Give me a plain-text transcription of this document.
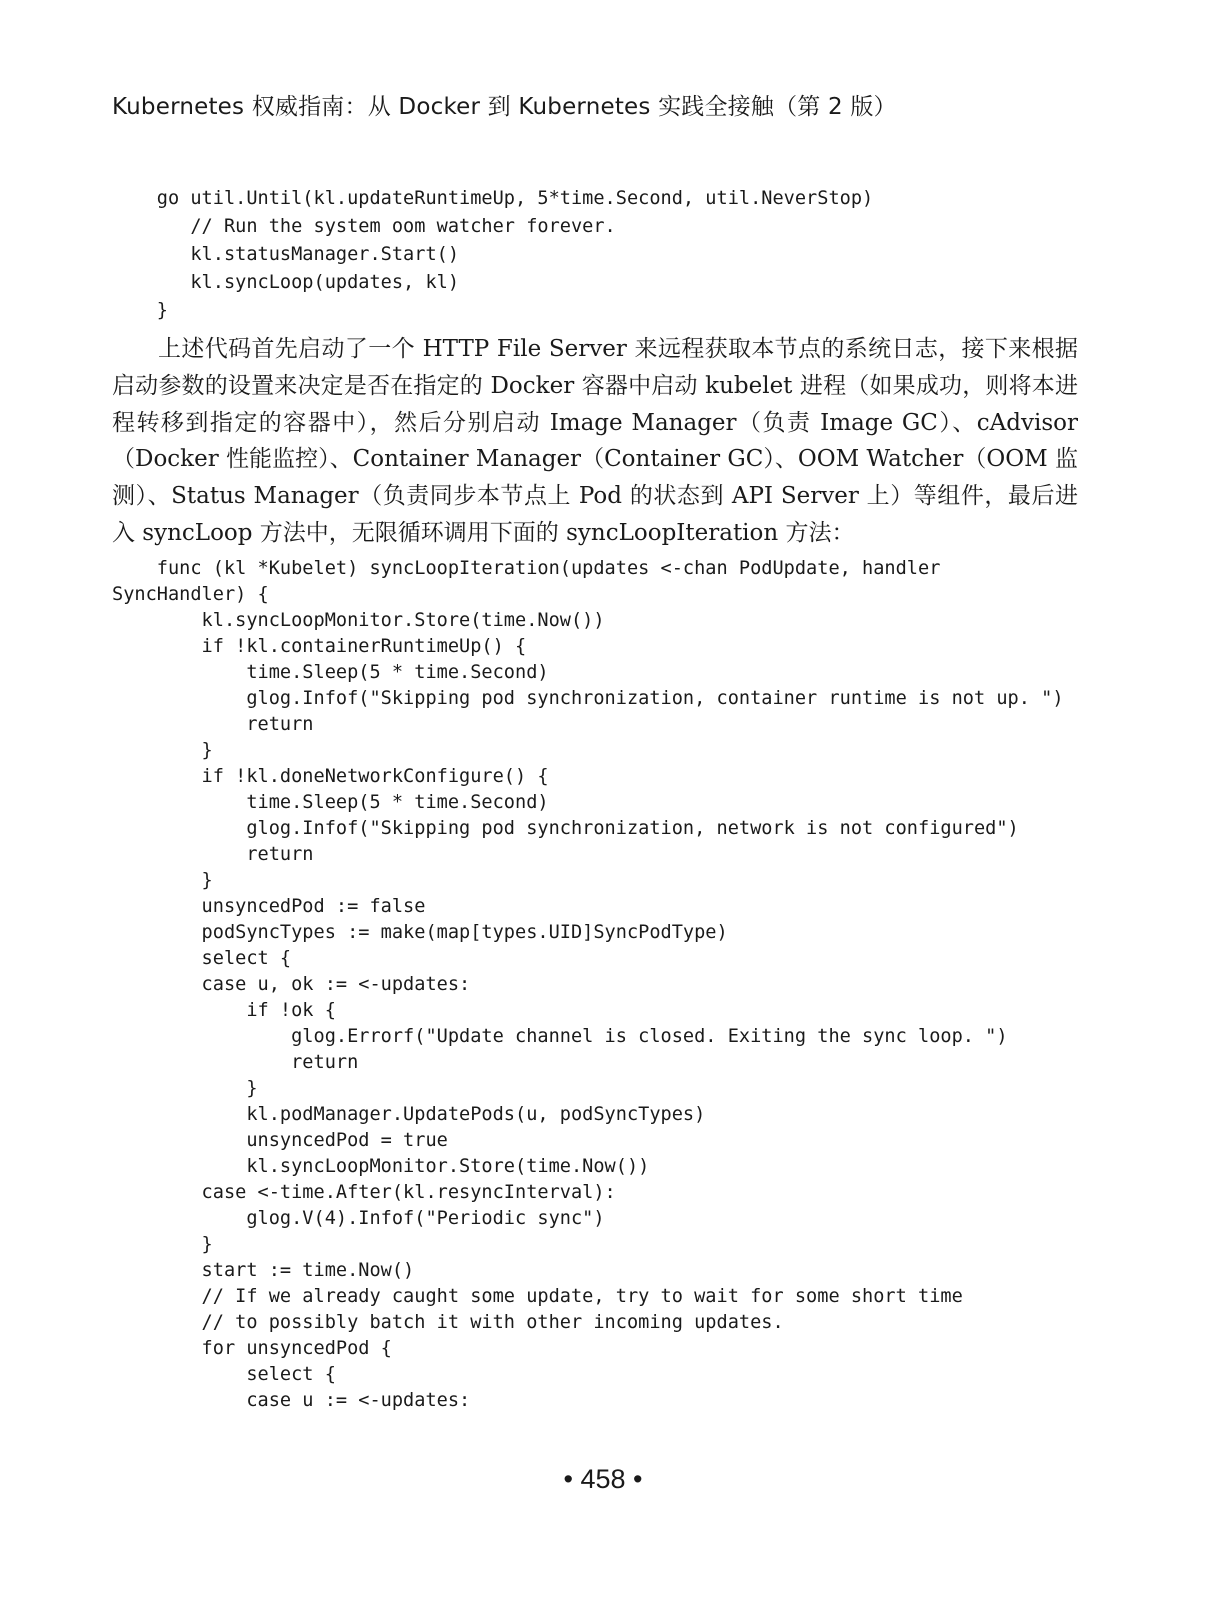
Kubernetes 权威指南：从 Docker 到 Kubernetes 实践全接触（第 2 版）
go util.Until(kl.updateRuntimeUp, 5*time.Second, util.NeverStop)
// Run the system oom watcher forever.
kl.statusManager.Start()
kl.syncLoop(updates, kl)
}
上述代码首先启动了一个 HTTP File Server 来远程获取本节点的系统日志，接下来根据启动参数的设置来决定是否在指定的 Docker 容器中启动 kubelet 进程（如果成功，则将本进程转移到指定的容器中），然后分别启动 Image Manager（负责 Image GC）、cAdvisor（Docker 性能监控）、Container Manager（Container GC）、OOM Watcher（OOM 监测）、Status Manager（负责同步本节点上 Pod 的状态到 API Server 上）等组件，最后进入 syncLoop 方法中，无限循环调用下面的 syncLoopIteration 方法：
func (kl *Kubelet) syncLoopIteration(updates <-chan PodUpdate, handler
SyncHandler) {
kl.syncLoopMonitor.Store(time.Now())
if !kl.containerRuntimeUp() {
time.Sleep(5 * time.Second)
glog.Infof("Skipping pod synchronization, container runtime is not up. ")
return
}
if !kl.doneNetworkConfigure() {
time.Sleep(5 * time.Second)
glog.Infof("Skipping pod synchronization, network is not configured")
return
}
unsyncedPod := false
podSyncTypes := make(map[types.UID]SyncPodType)
select {
case u, ok := <-updates:
if !ok {
glog.Errorf("Update channel is closed. Exiting the sync loop. ")
return
}
kl.podManager.UpdatePods(u, podSyncTypes)
unsyncedPod = true
kl.syncLoopMonitor.Store(time.Now())
case <-time.After(kl.resyncInterval):
glog.V(4).Infof("Periodic sync")
}
start := time.Now()
// If we already caught some update, try to wait for some short time
// to possibly batch it with other incoming updates.
for unsyncedPod {
select {
case u := <-updates:
• 458 •
